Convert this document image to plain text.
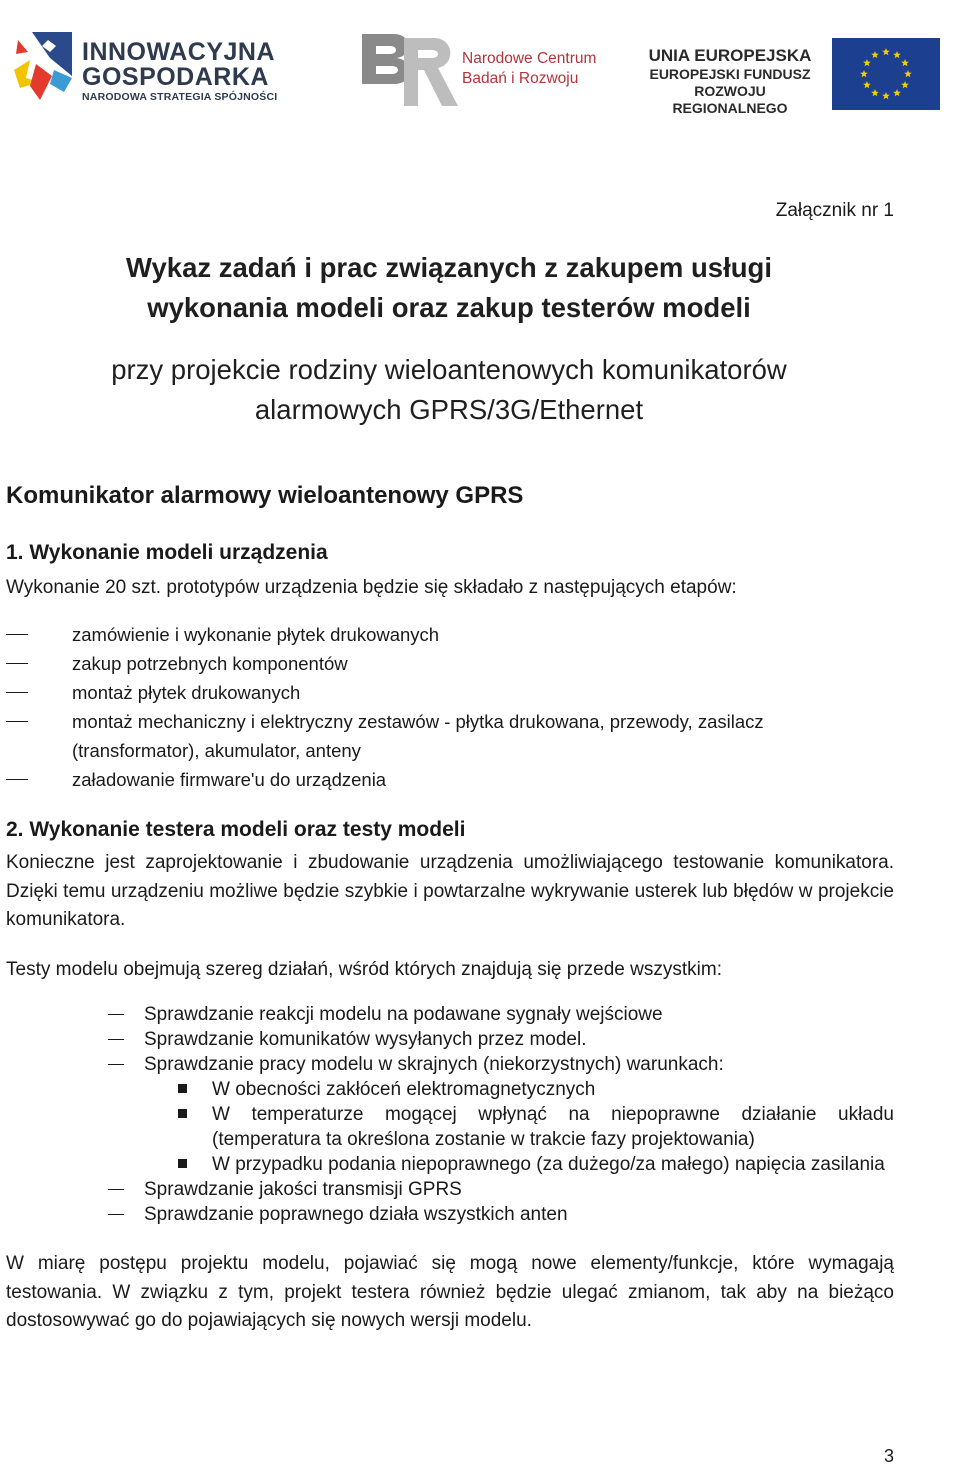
INNOWACYJNA
GOSPODARKA
NARODOWA STRATEGIA SPÓJNOŚCI
Narodowe Centrum
Badań i Rozwoju
UNIA EUROPEJSKA
EUROPEJSKI FUNDUSZ
ROZWOJU REGIONALNEGO
Załącznik nr 1
Wykaz zadań i prac związanych z zakupem usługi
wykonania modeli oraz zakup testerów modeli
przy projekcie rodziny wieloantenowych komunikatorów
alarmowych GPRS/3G/Ethernet
Komunikator alarmowy wieloantenowy GPRS
1. Wykonanie modeli urządzenia
Wykonanie 20 szt. prototypów urządzenia będzie się składało z następujących etapów:
zamówienie i wykonanie płytek drukowanych
zakup potrzebnych komponentów
montaż płytek drukowanych
montaż mechaniczny i elektryczny zestawów - płytka drukowana, przewody, zasilacz
(transformator), akumulator, anteny
załadowanie firmware'u do urządzenia
2. Wykonanie testera modeli oraz testy modeli
Konieczne jest zaprojektowanie i zbudowanie urządzenia umożliwiającego testowanie komunikatora. Dzięki temu urządzeniu możliwe będzie szybkie i powtarzalne wykrywanie usterek lub błędów w projekcie komunikatora.
Testy modelu obejmują szereg działań, wśród których znajdują się przede wszystkim:
Sprawdzanie reakcji modelu na podawane sygnały wejściowe
Sprawdzanie komunikatów wysyłanych przez model.
Sprawdzanie pracy modelu w skrajnych (niekorzystnych) warunkach:
W obecności zakłóceń elektromagnetycznych
W temperaturze mogącej wpłynąć na niepoprawne działanie układu (temperatura ta określona zostanie w trakcie fazy projektowania)
W przypadku podania niepoprawnego (za dużego/za małego) napięcia zasilania
Sprawdzanie jakości transmisji GPRS
Sprawdzanie poprawnego działa wszystkich anten
W miarę postępu projektu modelu, pojawiać się mogą nowe elementy/funkcje, które wymagają testowania. W związku z tym, projekt testera również będzie ulegać zmianom, tak aby na bieżąco dostosowywać go do pojawiających się nowych wersji modelu.
3
